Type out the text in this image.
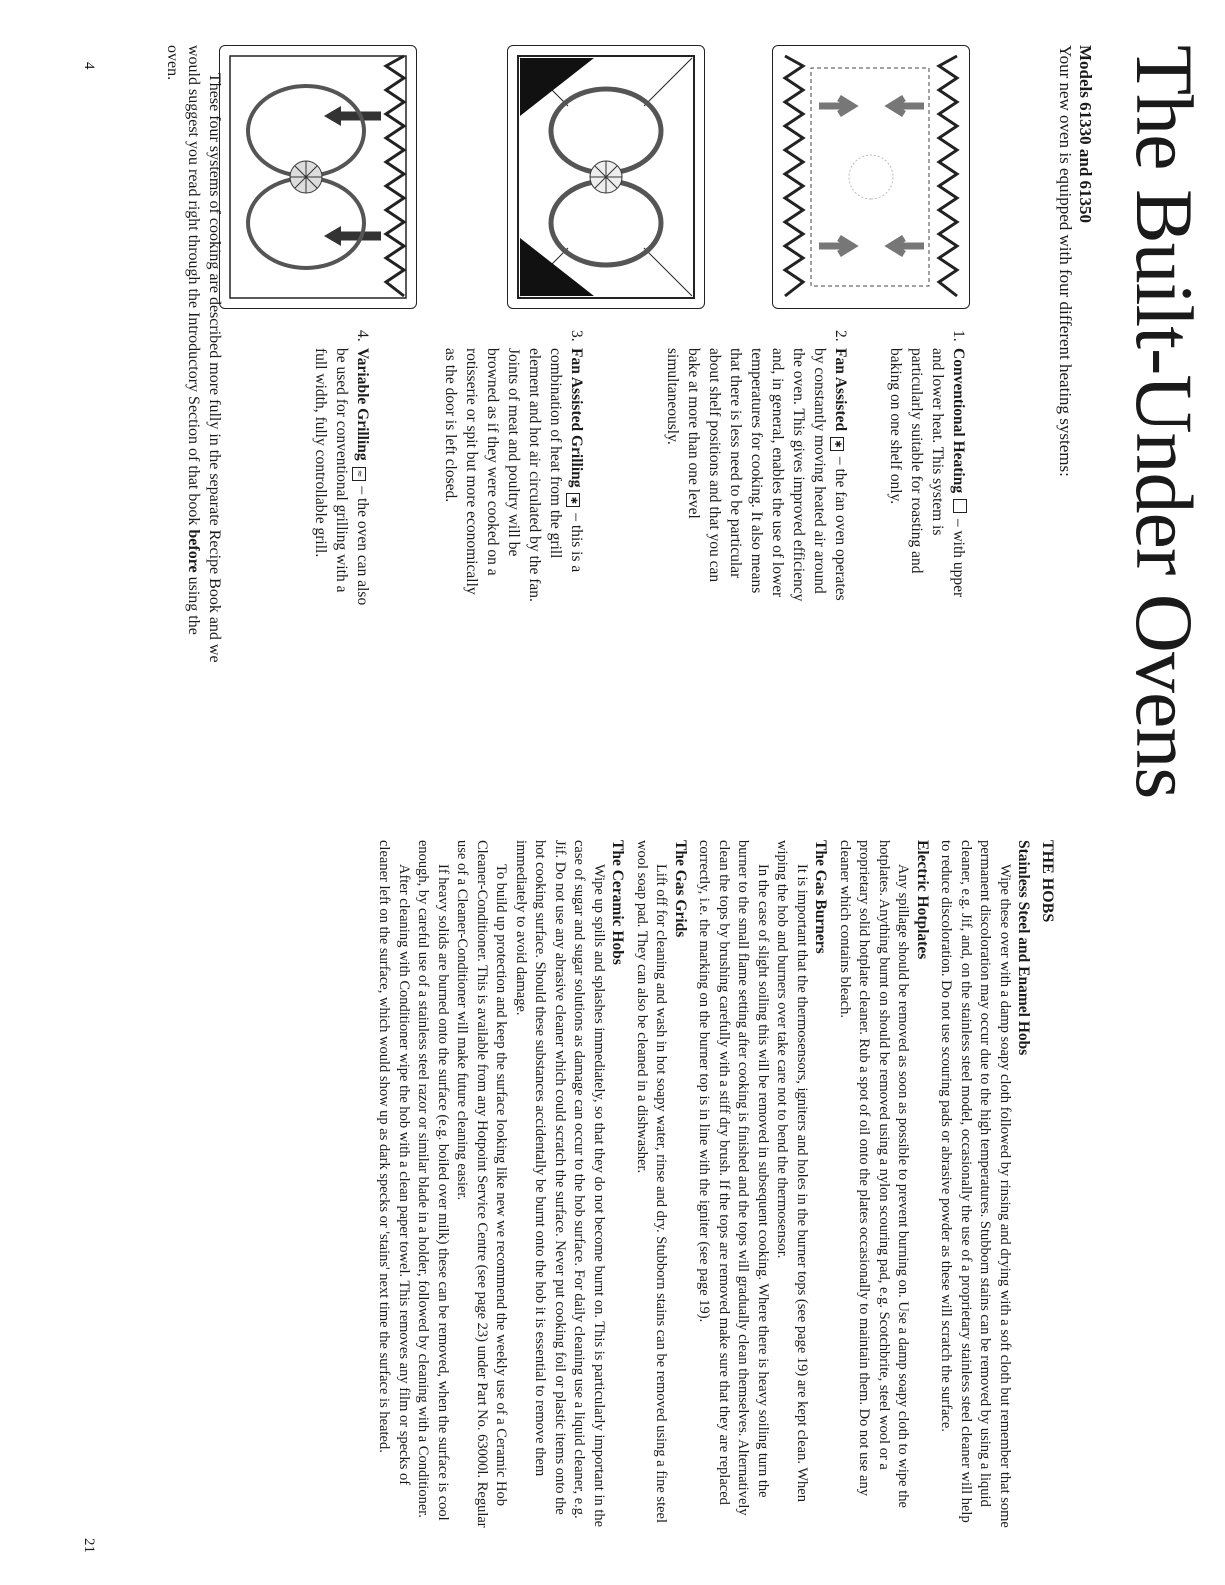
4	The Built-Under Ovens
Models 61330 and 61350
Your new oven is equipped with four different heating systems:
1.
Conventional Heating  – with upper and lower heat. This system is particularly suitable for roasting and baking on one shelf only.
2.
Fan Assisted ✱ – the fan oven operates by constantly moving heated air around the oven. This gives improved efficiency and, in general, enables the use of lower temperatures for cooking. It also means that there is less need to be particular about shelf positions and that you can bake at more than one level simultaneously.
3.
Fan Assisted Grilling ✱ – this is a combination of heat from the grill element and hot air circulated by the fan. Joints of meat and poultry will be browned as if they were cooked on a rotisserie or spit but more economically as the door is left closed.
4.
Variable Grilling ≈ – the oven can also be used for conventional grilling with a full width, fully controllable grill.

These four systems of cooking are described more fully in the separate Recipe Book and we would suggest you read right through the Introductory Section of that book before using the oven.

21
THE HOBS
Stainless Steel and Enamel Hobs

Wipe these over with a damp soapy cloth followed by rinsing and drying with a soft cloth but remember that some permanent discoloration may occur due to the high temperatures. Stubborn stains can be removed by using a liquid cleaner, e.g. Jif, and, on the stainless steel model, occasionally the use of a proprietary stainless steel cleaner will help to reduce discoloration. Do not use scouring pads or abrasive powder as these will scratch the surface.

Electric Hotplates

Any spillage should be removed as soon as possible to prevent burning on. Use a damp soapy cloth to wipe the hotplates. Anything burnt on should be removed using a nylon scouring pad, e.g. Scotchbrite, steel wool or a proprietary solid hotplate cleaner. Rub a spot of oil onto the plates occasionally to maintain them. Do not use any cleaner which contains bleach.

The Gas Burners

It is important that the thermosensors, igniters and holes in the burner tops (see page 19) are kept clean. When wiping the hob and burners over take care not to bend the thermosensor.

In the case of slight soiling this will be removed in subsequent cooking. Where there is heavy soiling turn the burner to the small flame setting after cooking is finished and the tops will gradually clean themselves. Alternatively clean the tops by brushing carefully with a stiff dry brush. If the tops are removed make sure that they are replaced correctly, i.e. the marking on the burner top is in line with the igniter (see page 19).

The Gas Grids

Lift off for cleaning and wash in hot soapy water, rinse and dry. Stubborn stains can be removed using a fine steel wool soap pad. They can also be cleaned in a dishwasher.

The Ceramic Hobs

Wipe up spills and splashes immediately, so that they do not become burnt on. This is particularly important in the case of sugar and sugar solutions as damage can occur to the hob surface. For daily cleaning use a liquid cleaner, e.g. Jif. Do not use any abrasive cleaner which could scratch the surface. Never put cooking foil or plastic items onto the hot cooking surface. Should these substances accidentally be burnt onto the hob it is essential to remove them immediately to avoid damage.

To build up protection and keep the surface looking like new we recommend the weekly use of a Ceramic Hob Cleaner-Conditioner. This is available from any Hotpoint Service Centre (see page 23) under Part No. 63000l. Regular use of a Cleaner-Conditioner will make future cleaning easier.

If heavy solids are burned onto the surface (e.g. boiled over milk) these can be removed, when the surface is cool enough, by careful use of a stainless steel razor or similar blade in a holder, followed by cleaning with a Conditioner.

After cleaning with Conditioner wipe the hob with a clean paper towel. This removes any film or specks of cleaner left on the surface, which would show up as dark specks or 'stains' next time the surface is heated.
